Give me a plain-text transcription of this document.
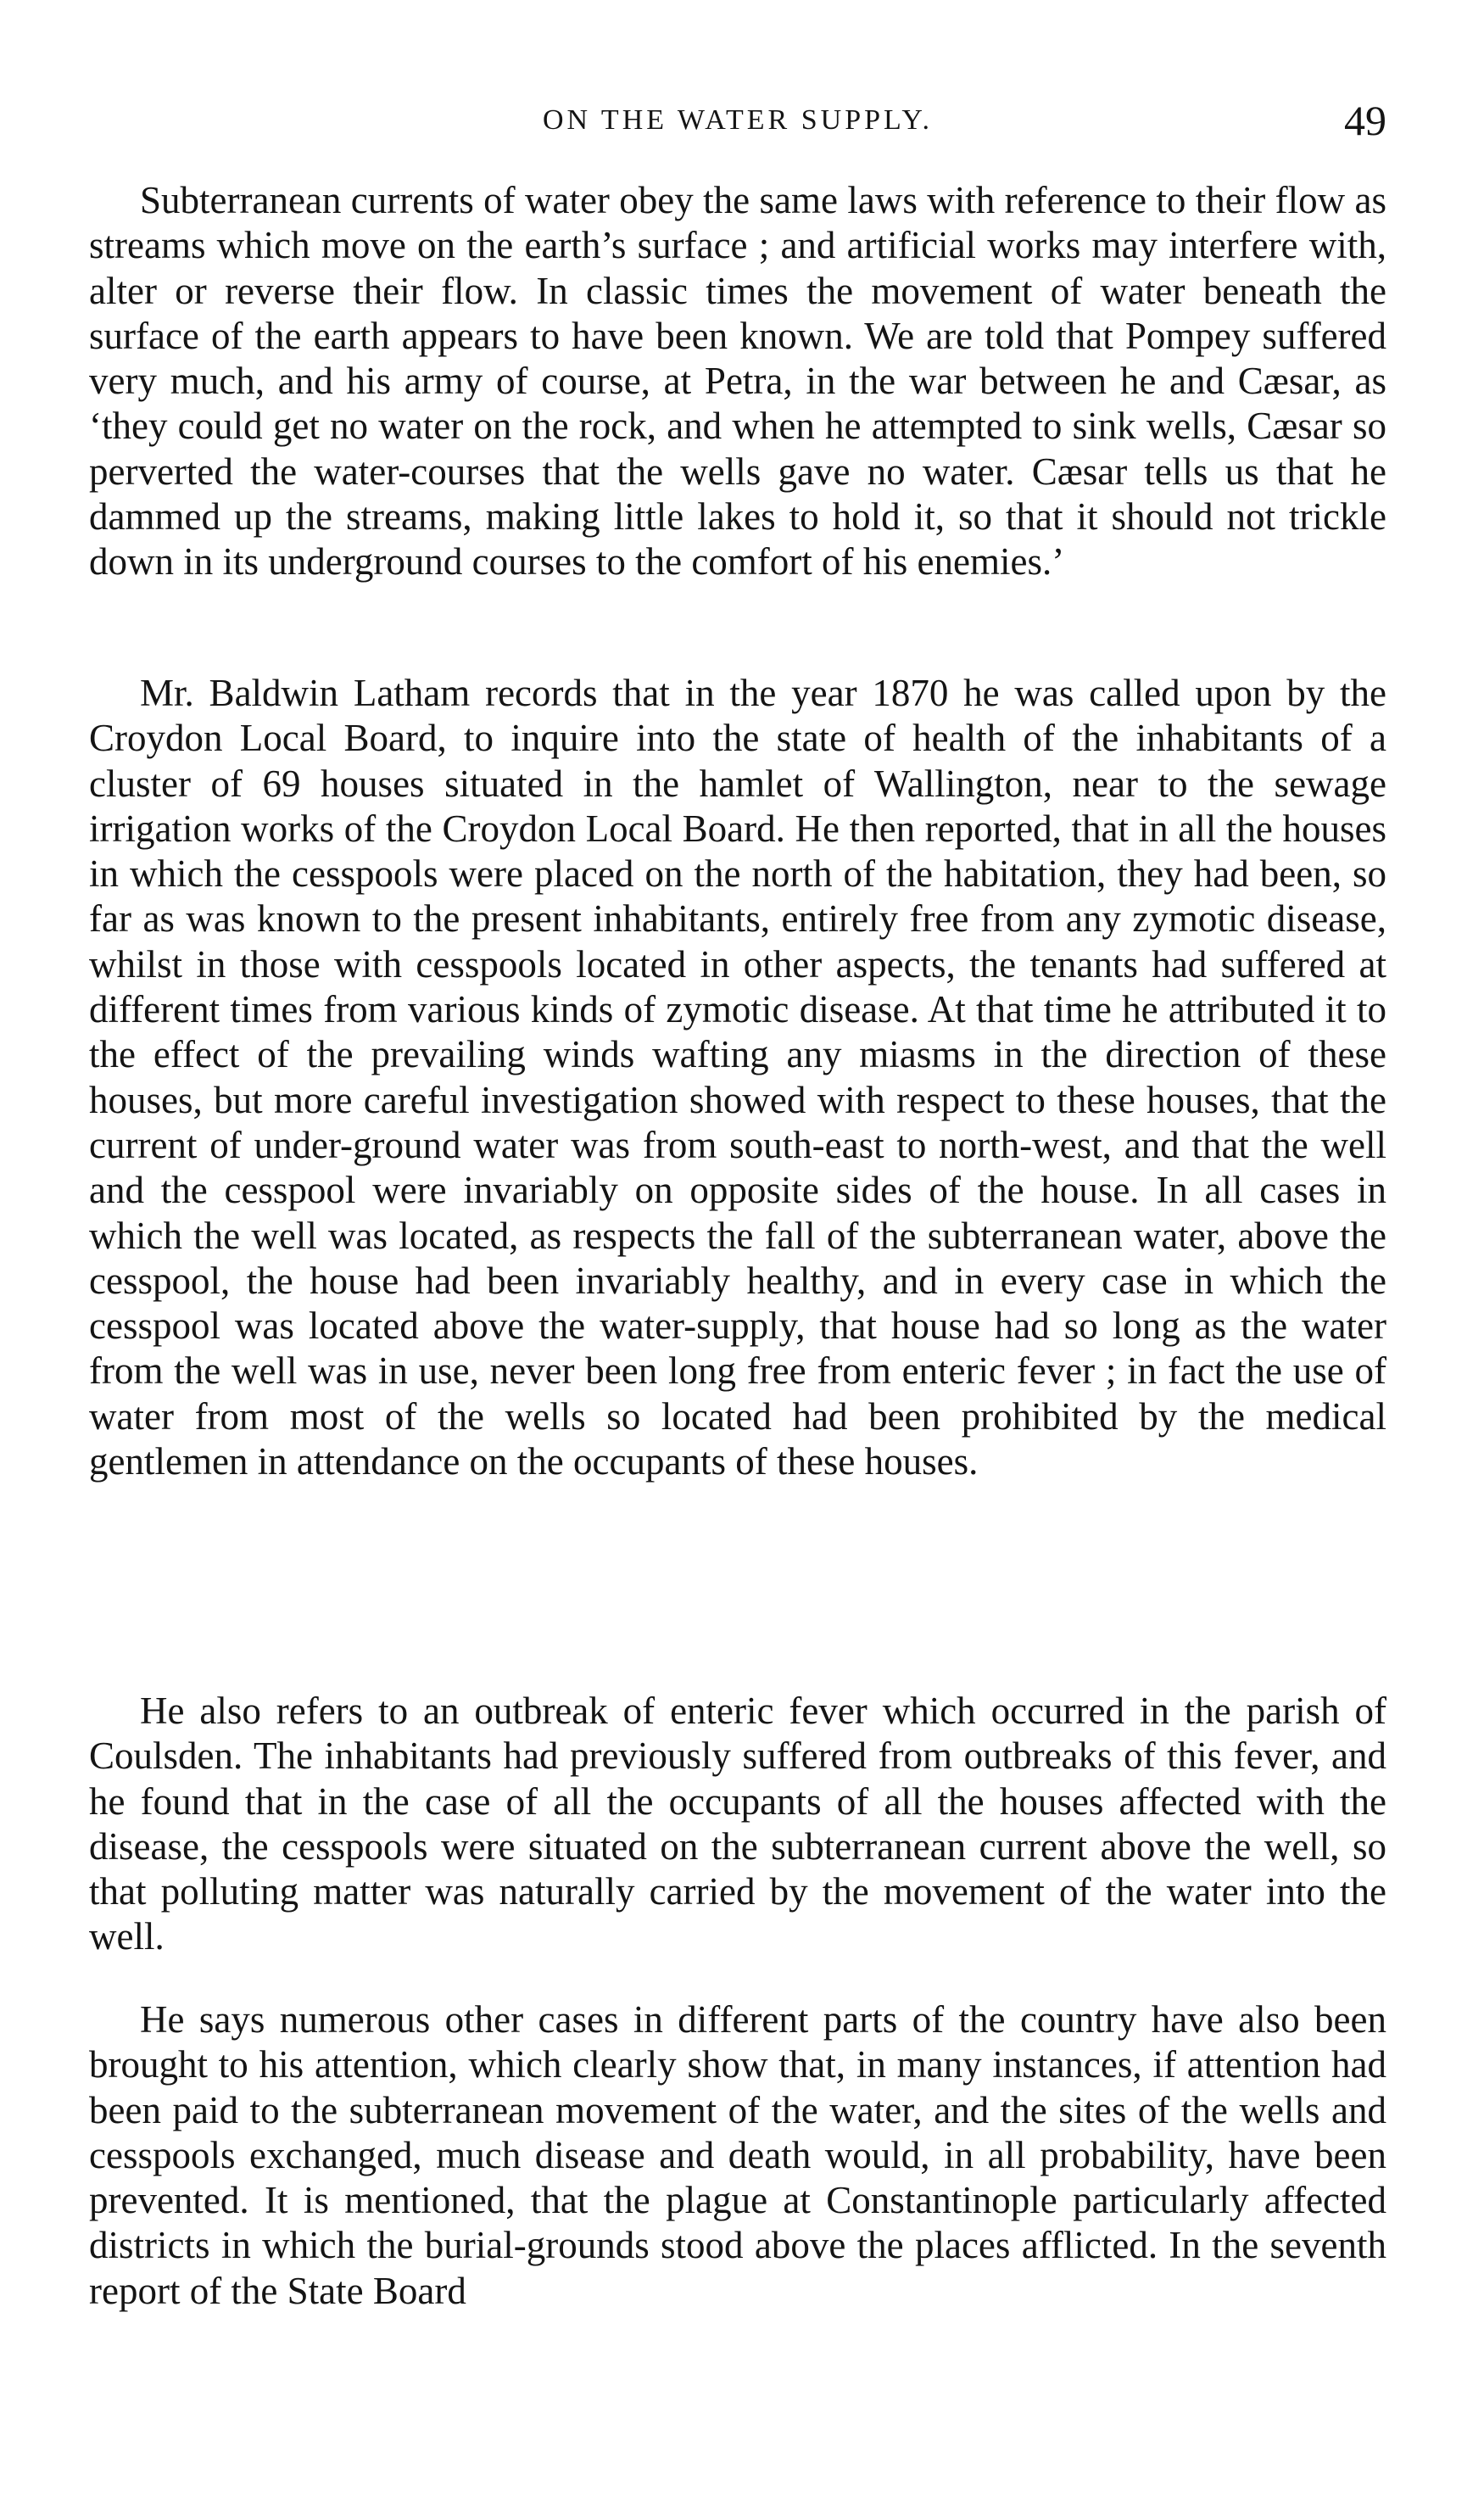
ON THE WATER SUPPLY.	49

Subterranean currents of water obey the same laws with reference to their flow as streams which move on the earth’s surface ; and artificial works may interfere with, alter or reverse their flow. In classic times the movement of water beneath the surface of the earth appears to have been known. We are told that Pompey suffered very much, and his army of course, at Petra, in the war between he and Cæsar, as ‘they could get no water on the rock, and when he attempted to sink wells, Cæsar so perverted the water-courses that the wells gave no water. Cæsar tells us that he dammed up the streams, making little lakes to hold it, so that it should not trickle down in its underground courses to the comfort of his enemies.’

Mr. Baldwin Latham records that in the year 1870 he was called upon by the Croydon Local Board, to inquire into the state of health of the inhabitants of a cluster of 69 houses situated in the hamlet of Wallington, near to the sewage irrigation works of the Croydon Local Board. He then reported, that in all the houses in which the cesspools were placed on the north of the habitation, they had been, so far as was known to the present inhabitants, entirely free from any zymotic disease, whilst in those with cesspools located in other aspects, the tenants had suffered at different times from various kinds of zymotic disease. At that time he attributed it to the effect of the prevailing winds wafting any miasms in the direction of these houses, but more careful investigation showed with respect to these houses, that the current of under-ground water was from south-east to north-west, and that the well and the cesspool were invariably on opposite sides of the house. In all cases in which the well was located, as respects the fall of the subterranean water, above the cesspool, the house had been invariably healthy, and in every case in which the cesspool was located above the water-supply, that house had so long as the water from the well was in use, never been long free from enteric fever ; in fact the use of water from most of the wells so located had been prohibited by the medical gentlemen in attendance on the occupants of these houses.

He also refers to an outbreak of enteric fever which occurred in the parish of Coulsden. The inhabitants had previously suffered from outbreaks of this fever, and he found that in the case of all the occupants of all the houses affected with the disease, the cesspools were situated on the subterranean current above the well, so that polluting matter was naturally carried by the movement of the water into the well.

He says numerous other cases in different parts of the country have also been brought to his attention, which clearly show that, in many instances, if attention had been paid to the subterranean movement of the water, and the sites of the wells and cesspools exchanged, much disease and death would, in all probability, have been prevented. It is mentioned, that the plague at Constantinople particularly affected districts in which the burial-grounds stood above the places afflicted. In the seventh report of the State Board
